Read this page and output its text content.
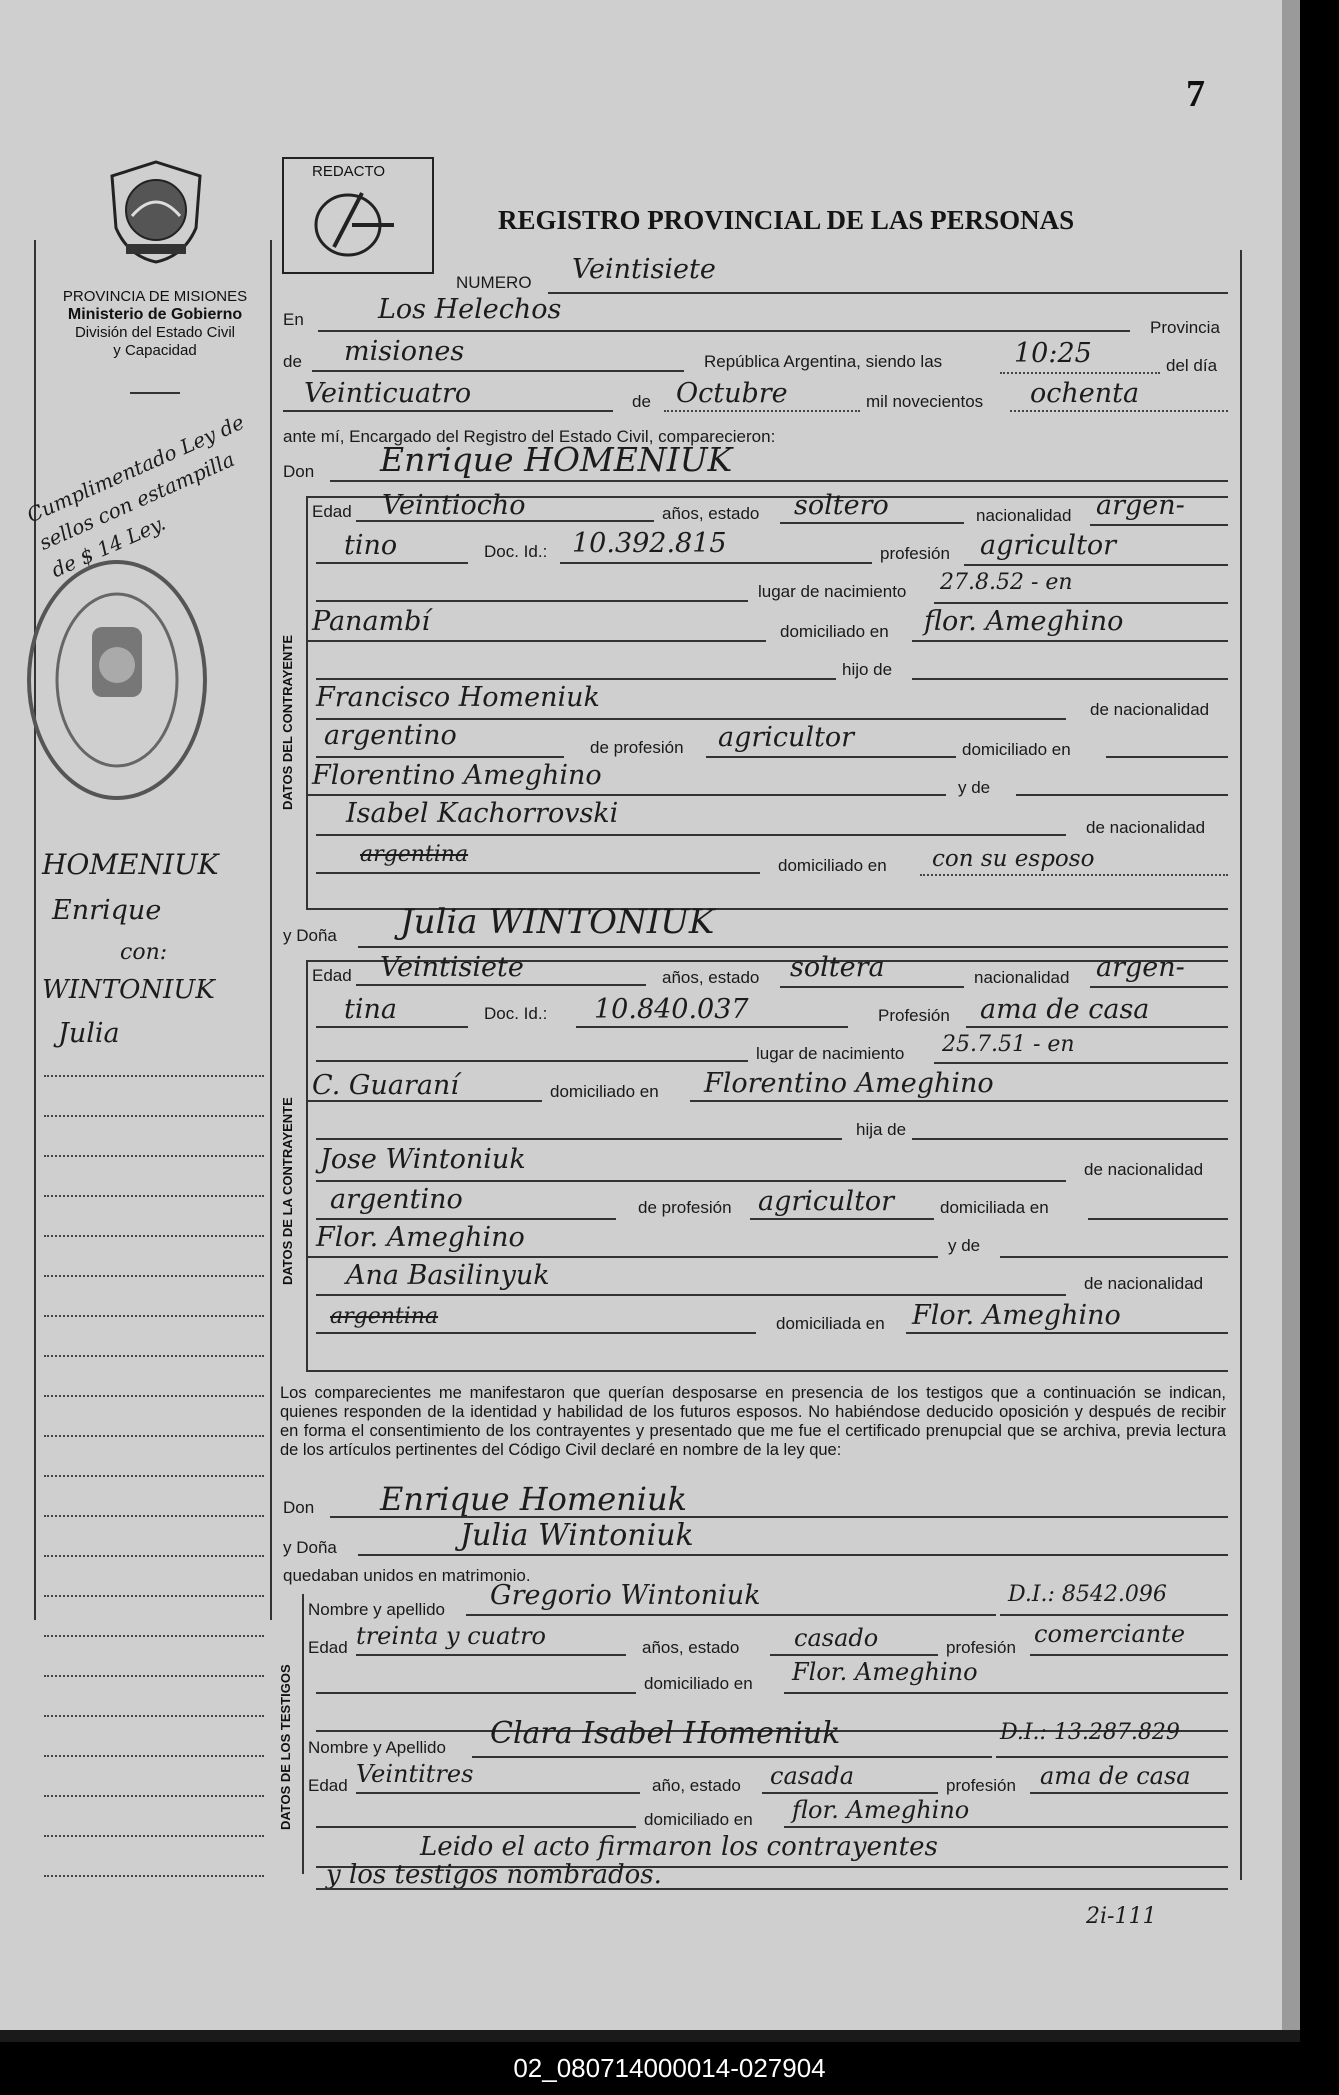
02_080714000014-027904
7
PROVINCIA DE MISIONES
Ministerio de Gobierno
División del Estado Civil
y Capacidad
Cumplimentado Ley de sellos con estampilla de $ 14 Ley.
HOMENIUK
Enrique
con:
WINTONIUK
Julia
REDACTO
REGISTRO PROVINCIAL DE LAS PERSONAS
NUMERO Veintisiete
En	Los Helechos
Provincia
de misiones	República Argentina, siendo las	10:25	del día
Veinticuatro	de Octubre	mil novecientos ochenta
ante mí, Encargado del Registro del Estado Civil, comparecieron:
Don Enrique HOMENIUK
DATOS DEL CONTRAYENTE
Edad Veintiocho	años, estado soltero	nacionalidad argen-
tino	Doc. Id.: 10.392.815	profesión agricultor
lugar de nacimiento 27.8.52 - en
Panambí	domiciliado en flor. Ameghino
hijo de
Francisco Homeniuk	de nacionalidad
argentino	de profesión agricultor	domiciliado en
Florentino Ameghino	y de
Isabel Kachorrovski	de nacionalidad
argentina	domiciliado en con su esposo
y Doña Julia WINTONIUK
DATOS DE LA CONTRAYENTE
Edad Veintisiete	años, estado soltera	nacionalidad argen-
tina	Doc. Id.: 10.840.037	Profesión ama de casa
lugar de nacimiento 25.7.51 - en
C. Guaraní	domiciliado en Florentino Ameghino
hija de
Jose Wintoniuk	de nacionalidad
argentino	de profesión agricultor	domiciliada en
Flor. Ameghino	y de
Ana Basilinyuk	de nacionalidad
argentina	domiciliada en Flor. Ameghino
Los comparecientes me manifestaron que querían desposarse en presencia de los testigos que a continuación se indican, quienes responden de la identidad y habilidad de los futuros esposos. No habiéndose deducido oposición y después de recibir en forma el consentimiento de los contrayentes y presentado que me fue el certificado prenupcial que se archiva, previa lectura de los artículos pertinentes del Código Civil declaré en nombre de la ley que:
Don Enrique Homeniuk
y Doña	Julia Wintoniuk
quedaban unidos en matrimonio.
DATOS DE LOS TESTIGOS
Nombre y apellido Gregorio Wintoniuk	D.I.: 8542.096
Edad treinta y cuatro	años, estado casado	profesión comerciante
domiciliado en Flor. Ameghino
Nombre y Apellido Clara Isabel Homeniuk	D.I.: 13.287.829
Edad Veintitres	año, estado casada	profesión ama de casa
domiciliado en flor. Ameghino
Leido el acto firmaron los contrayentes
y los testigos nombrados.
2i-111
